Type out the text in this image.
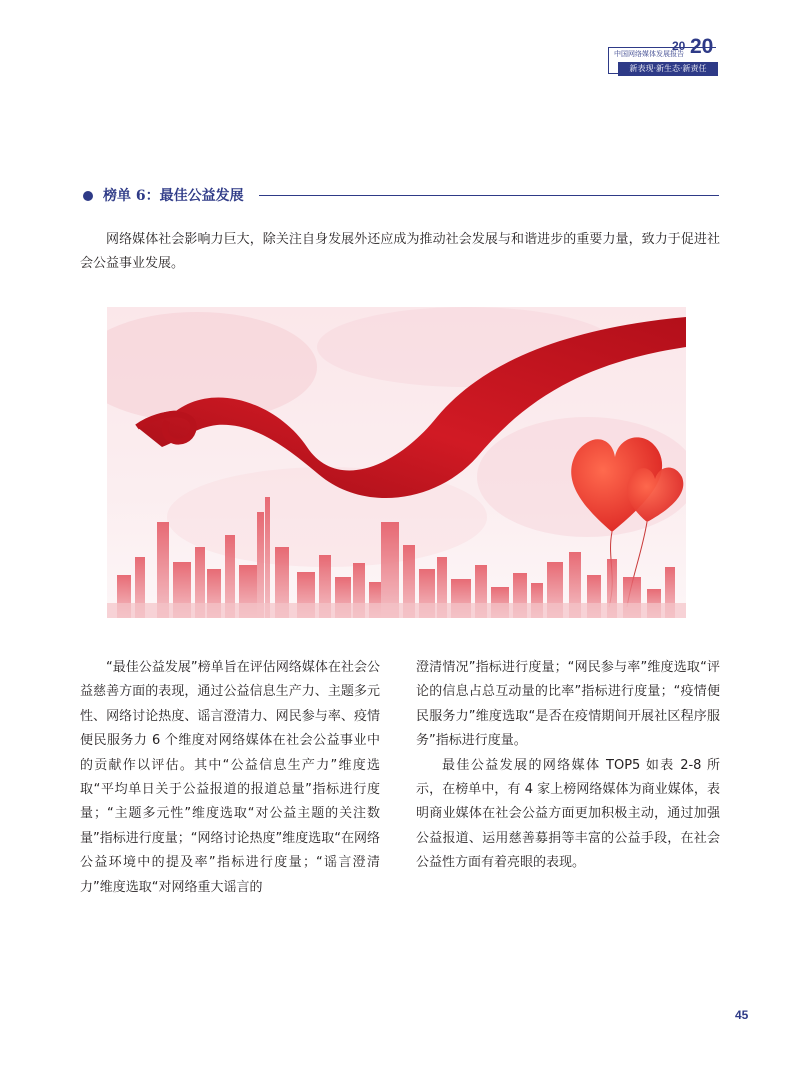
中国网络媒体发展报告
20 20
新表现·新生态·新责任
榜单 6：最佳公益发展

网络媒体社会影响力巨大，除关注自身发展外还应成为推动社会发展与和谐进步的重要力量，致力于促进社会公益事业发展。

“最佳公益发展”榜单旨在评估网络媒体在社会公益慈善方面的表现，通过公益信息生产力、主题多元性、网络讨论热度、谣言澄清力、网民参与率、疫情便民服务力 6 个维度对网络媒体在社会公益事业中的贡献作以评估。其中“公益信息生产力”维度选取“平均单日关于公益报道的报道总量”指标进行度量；“主题多元性”维度选取“对公益主题的关注数量”指标进行度量；“网络讨论热度”维度选取“在网络公益环境中的提及率”指标进行度量；“谣言澄清力”维度选取“对网络重大谣言的

澄清情况”指标进行度量；“网民参与率”维度选取“评论的信息占总互动量的比率”指标进行度量；“疫情便民服务力”维度选取“是否在疫情期间开展社区程序服务”指标进行度量。

最佳公益发展的网络媒体 TOP5 如表 2-8 所示，在榜单中，有 4 家上榜网络媒体为商业媒体，表明商业媒体在社会公益方面更加积极主动，通过加强公益报道、运用慈善募捐等丰富的公益手段，在社会公益性方面有着亮眼的表现。

45
